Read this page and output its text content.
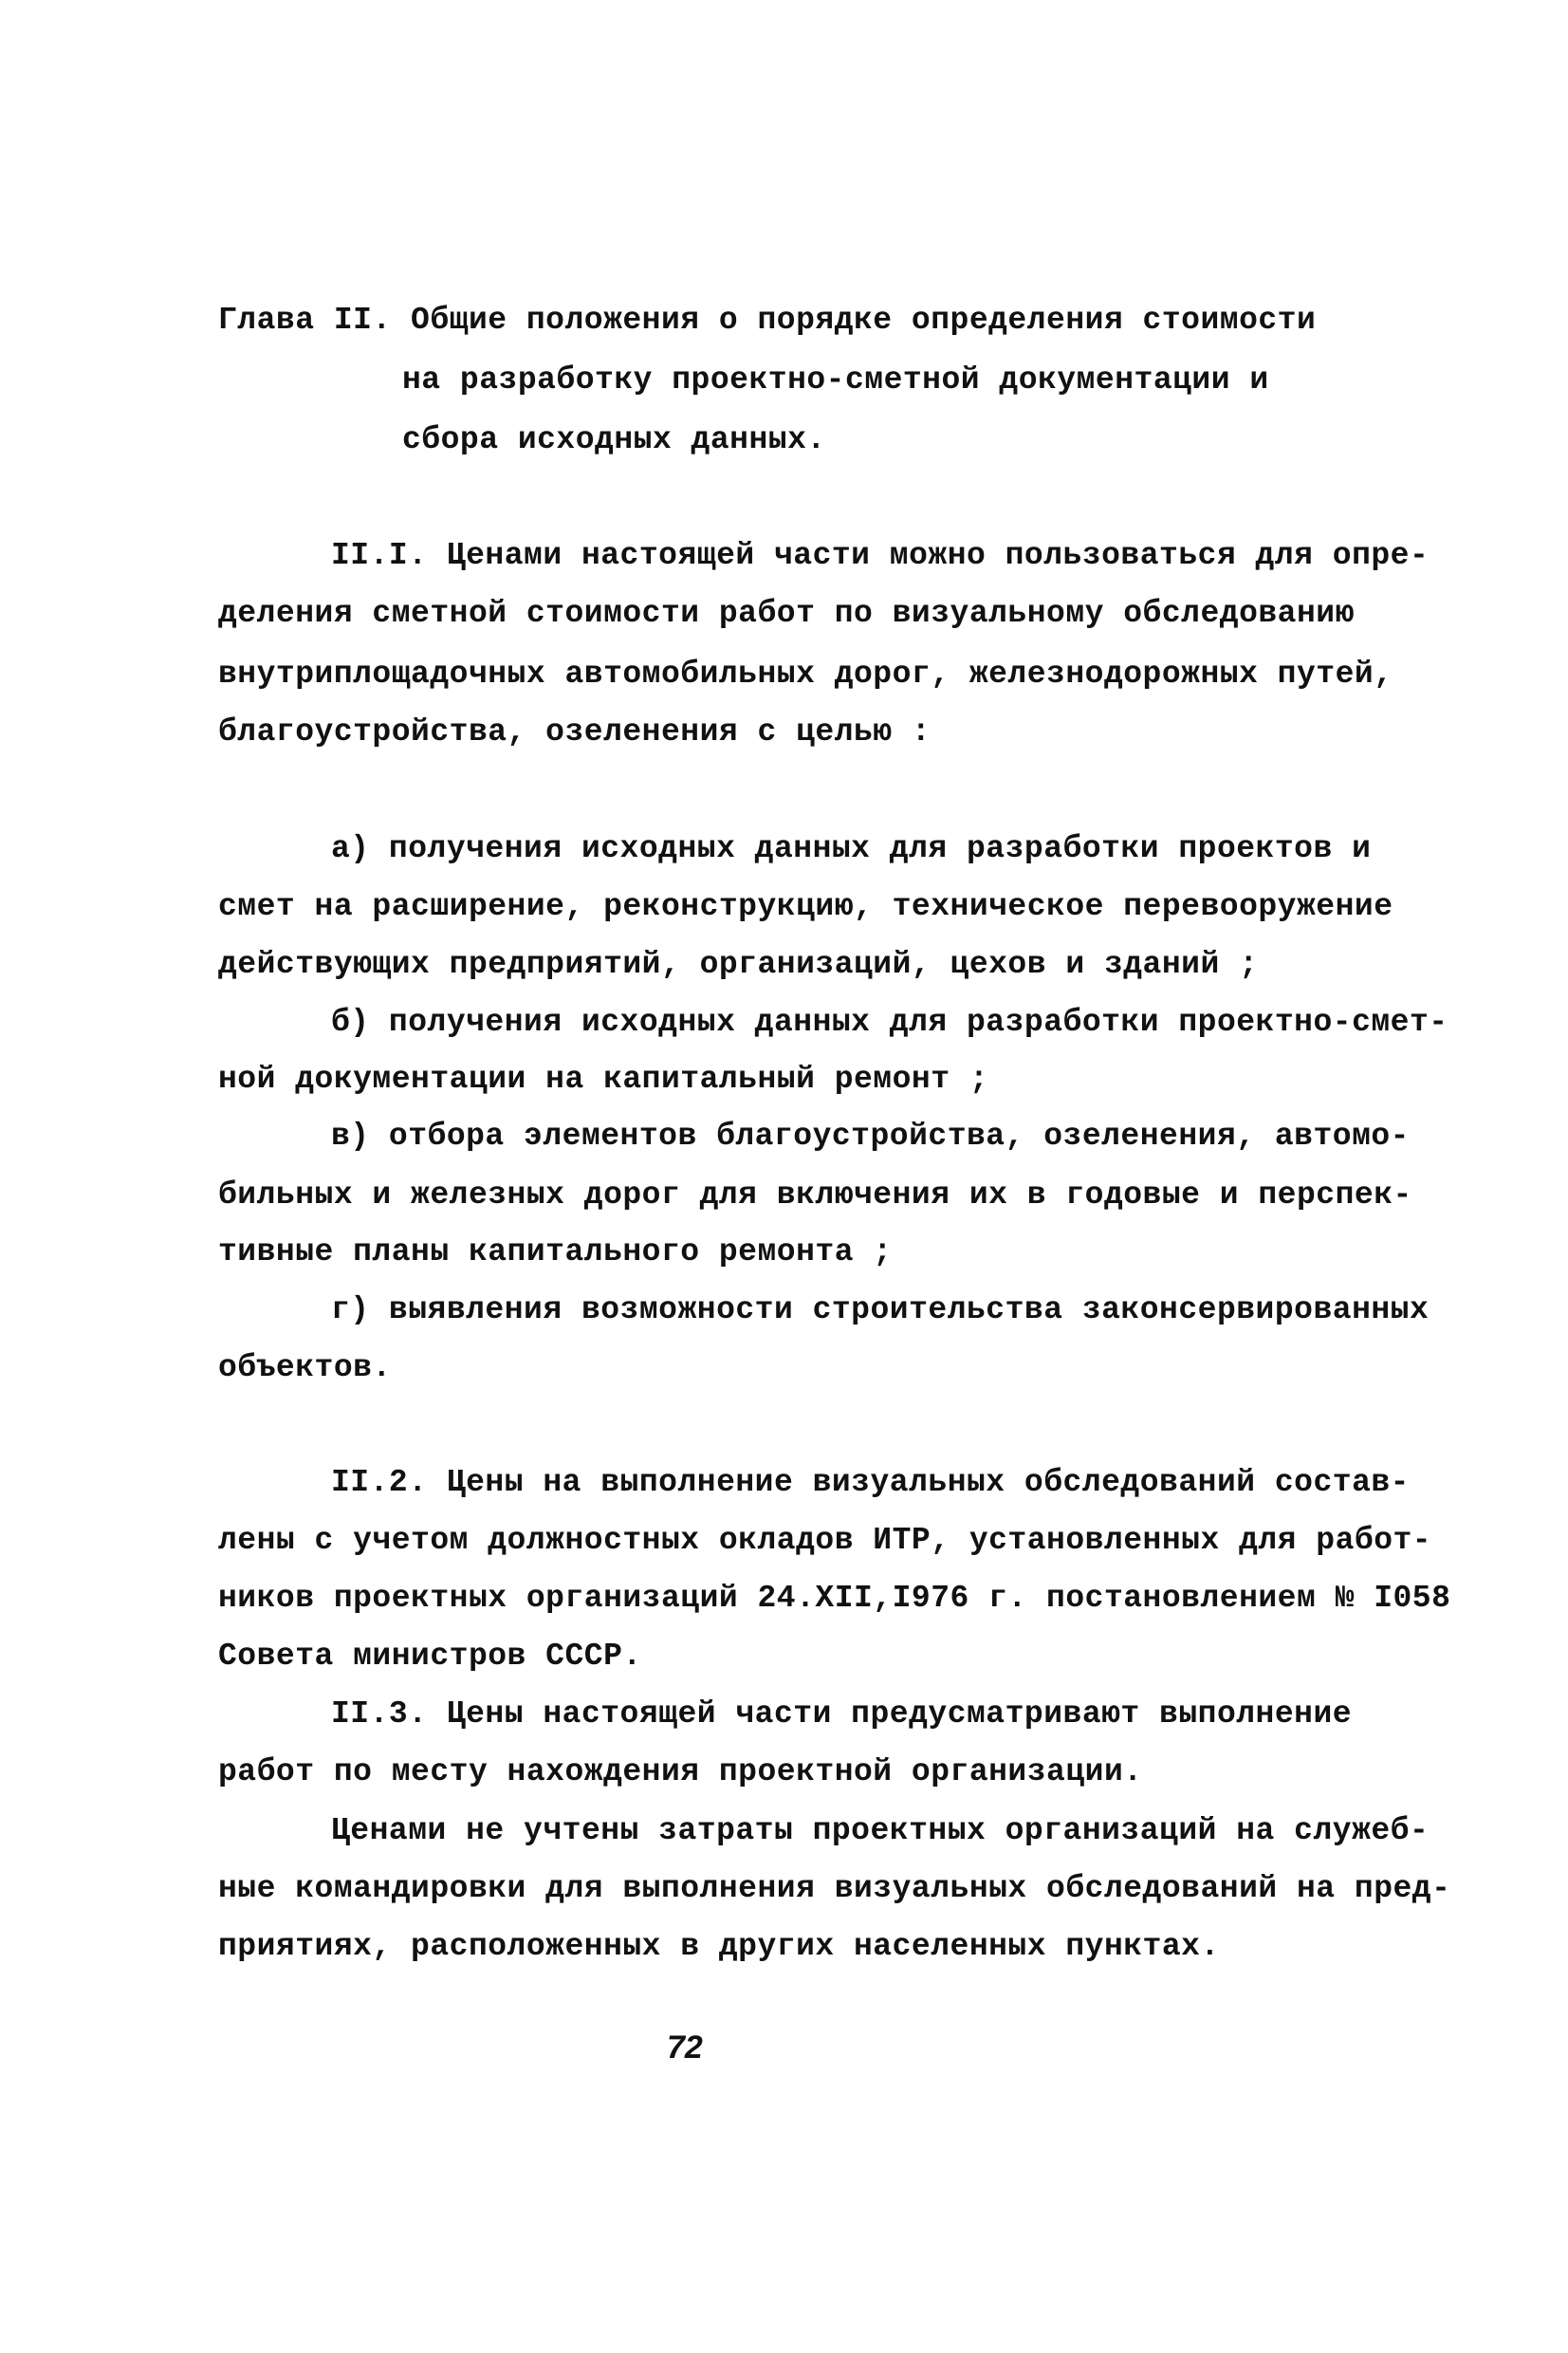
Глава II. Общие положения о порядке определения стоимости
на разработку проектно-сметной документации и
сбора исходных данных.
II.I. Ценами настоящей части можно пользоваться для опре-
деления сметной стоимости работ по визуальному обследованию
внутриплощадочных автомобильных дорог, железнодорожных путей,
благоустройства, озеленения с целью :
а) получения исходных данных для разработки проектов и
смет на расширение, реконструкцию, техническое перевооружение
действующих предприятий, организаций, цехов и зданий ;
б) получения исходных данных для разработки проектно-смет-
ной документации на капитальный ремонт ;
в) отбора элементов благоустройства, озеленения, автомо-
бильных и железных дорог для включения их в годовые и перспек-
тивные планы капитального ремонта ;
г) выявления возможности строительства законсервированных
объектов.
II.2. Цены на выполнение визуальных обследований состав-
лены с учетом должностных окладов ИТР, установленных для работ-
ников проектных организаций 24.XII,I976 г. постановлением № I058
Совета министров СССР.
II.3. Цены настоящей части предусматривают выполнение
работ по месту нахождения проектной организации.
Ценами не учтены затраты проектных организаций на служеб-
ные командировки для выполнения визуальных обследований на пред-
приятиях, расположенных в других населенных пунктах.
72
